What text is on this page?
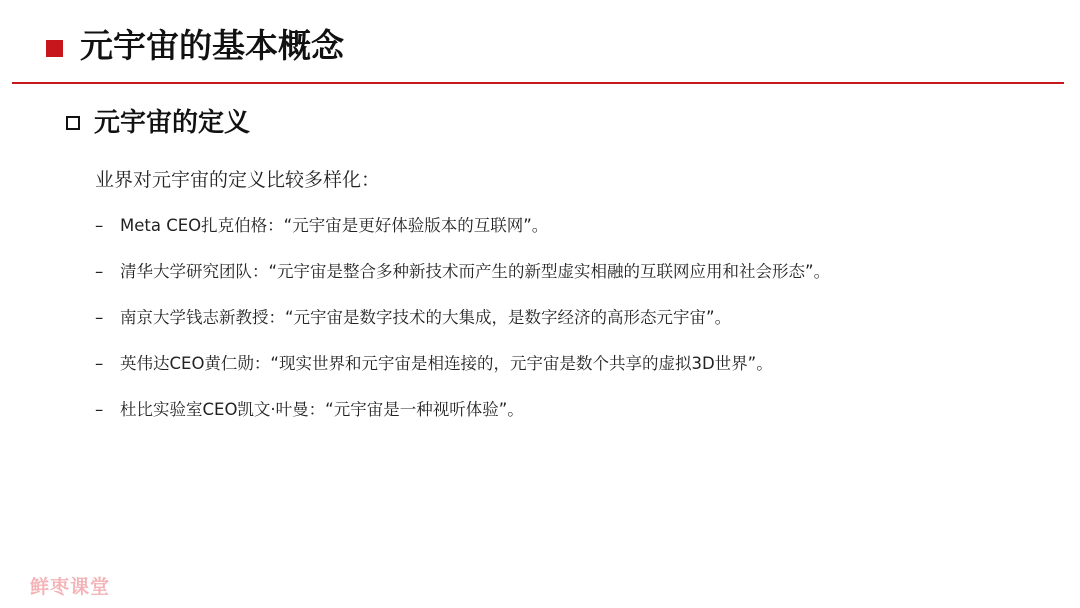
元宇宙的基本概念
元宇宙的定义
业界对元宇宙的定义比较多样化：
–	Meta CEO扎克伯格：“元宇宙是更好体验版本的互联网”。
–	清华大学研究团队：“元宇宙是整合多种新技术而产生的新型虚实相融的互联网应用和社会形态”。
–	南京大学钱志新教授：“元宇宙是数字技术的大集成，是数字经济的高形态元宇宙”。
–	英伟达CEO黄仁勋：“现实世界和元宇宙是相连接的，元宇宙是数个共享的虚拟3D世界”。
–	杜比实验室CEO凯文·叶曼：“元宇宙是一种视听体验”。
鲜枣课堂
